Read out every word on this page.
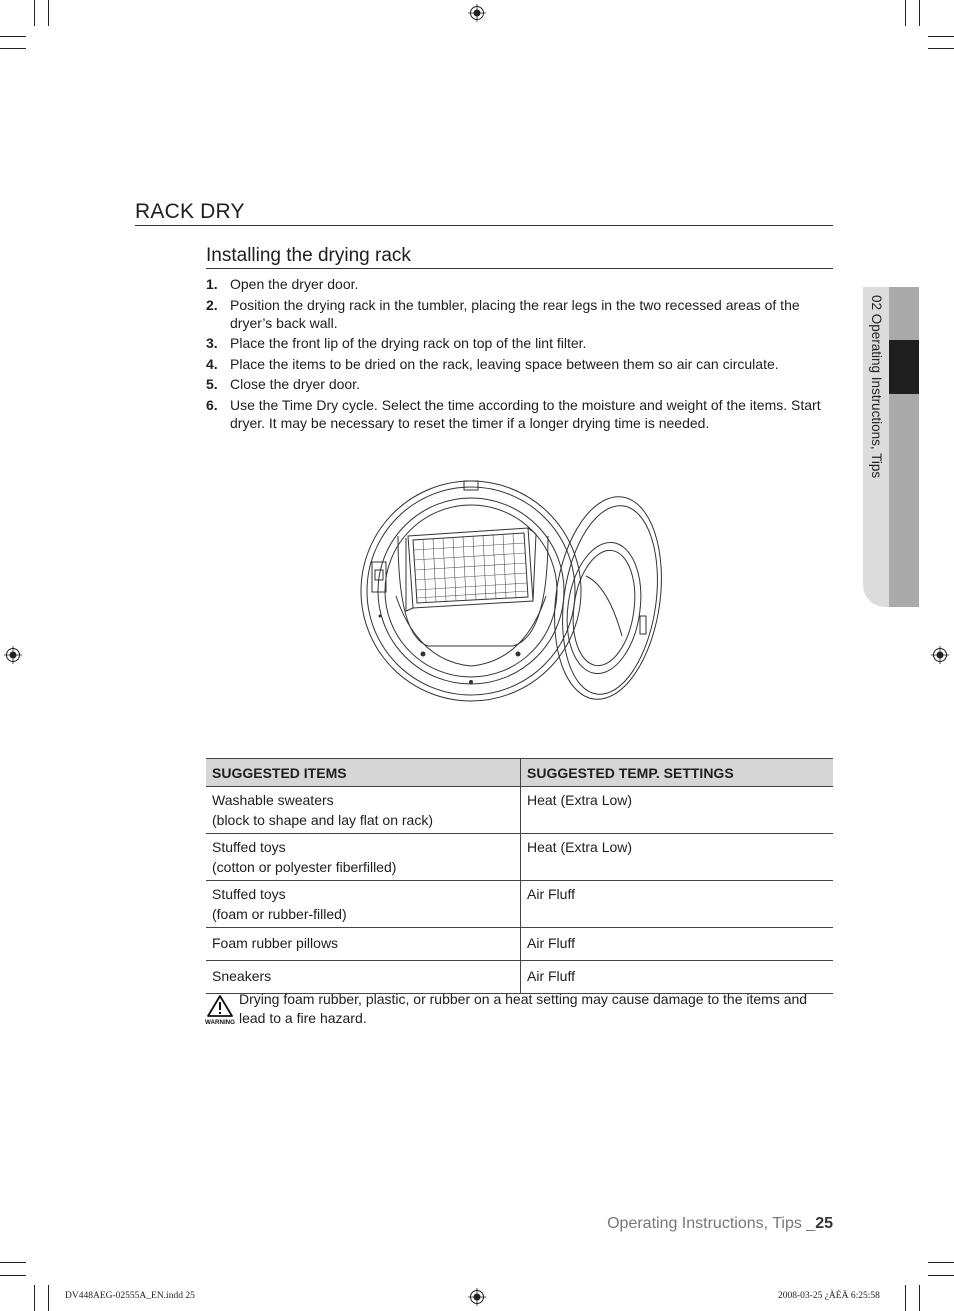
RACK DRY
Installing the drying rack
1. Open the dryer door.
2. Position the drying rack in the tumbler, placing the rear legs in the two recessed areas of the dryer’s back wall.
3. Place the front lip of the drying rack on top of the lint filter.
4. Place the items to be dried on the rack, leaving space between them so air can circulate.
5. Close the dryer door.
6. Use the Time Dry cycle. Select the time according to the moisture and weight of the items. Start dryer. It may be necessary to reset the timer if a longer drying time is needed.	02 Operating Instructions, Tips
SUGGESTED ITEMS	SUGGESTED TEMP. SETTINGS
Washable sweaters
(block to shape and lay flat on rack)	Heat (Extra Low)
Stuffed toys
(cotton or polyester fiberfilled)	Heat (Extra Low)
Stuffed toys
(foam or rubber-filled)	Air Fluff
Foam rubber pillows	Air Fluff
Sneakers	Air Fluff
WARNING
Drying foam rubber, plastic, or rubber on a heat setting may cause damage to the items and lead to a fire hazard.
Operating Instructions, Tips _25
DV448AEG-02555A_EN.indd 25	2008-03-25 ¿ÀÈÄ 6:25:58
